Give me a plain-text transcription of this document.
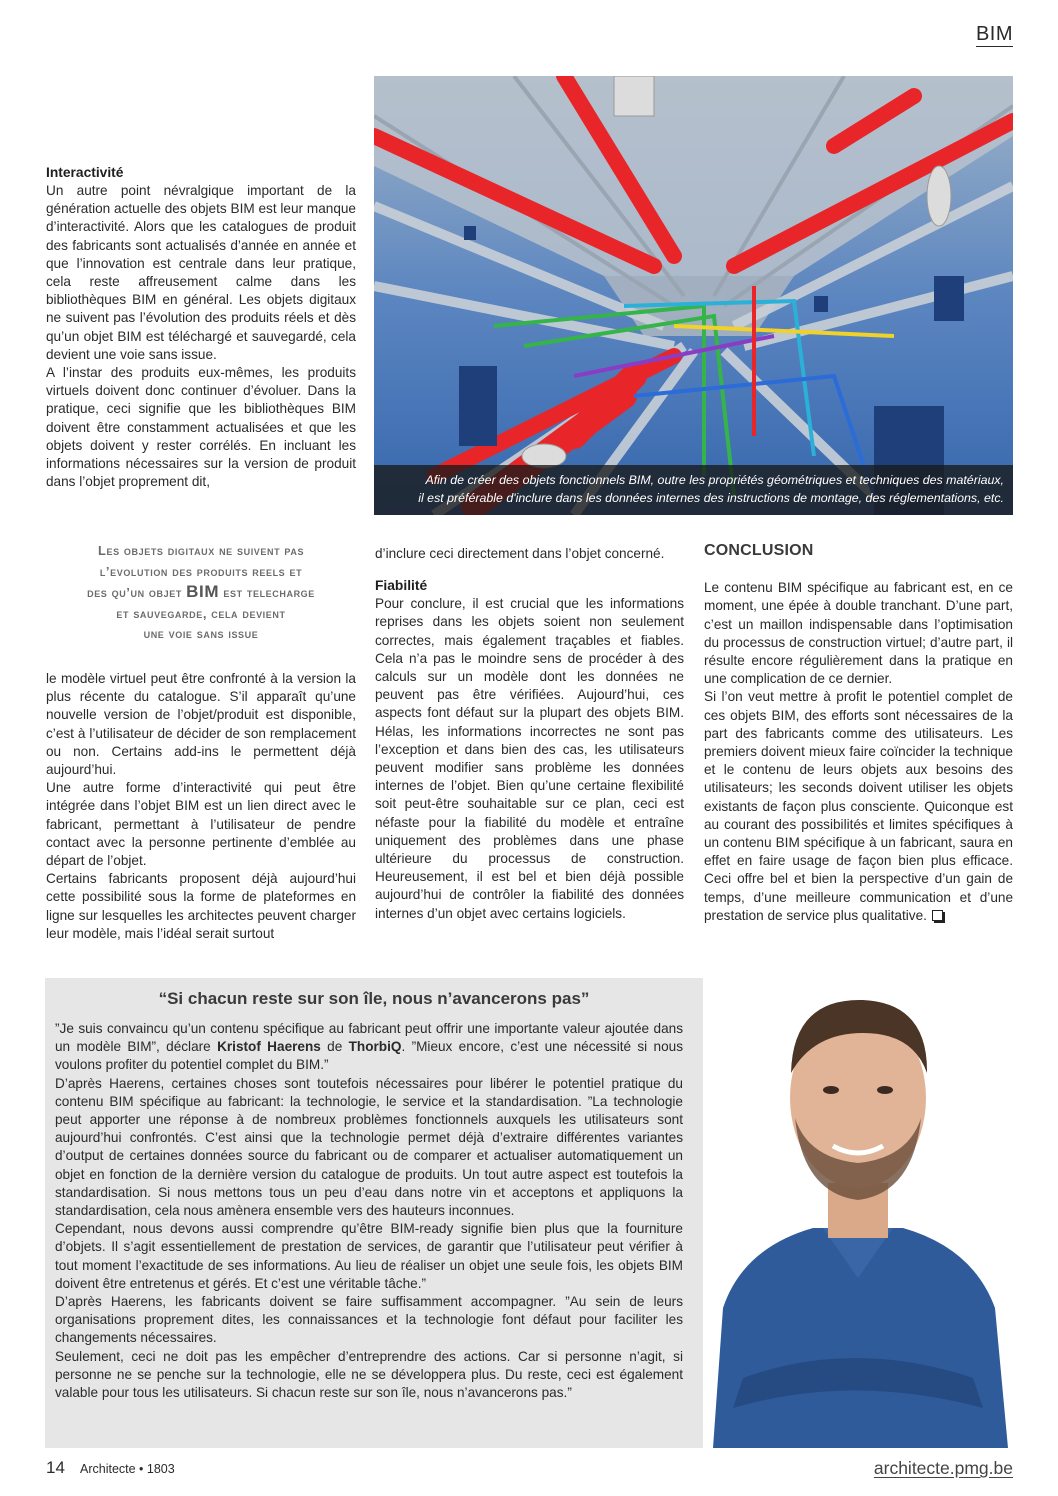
BIM
Afin de créer des objets fonctionnels BIM, outre les propriétés géométriques et techniques des matériaux,
il est préférable d'inclure dans les données internes des instructions de montage, des réglementations, etc.
Interactivité

Un autre point névralgique important de la génération actuelle des objets BIM est leur manque d’interactivité. Alors que les catalogues de produit des fabricants sont actualisés d’année en année et que l’innovation est centrale dans leur pratique, cela reste affreusement calme dans les bibliothèques BIM en général. Les objets digitaux ne suivent pas l’évolution des produits réels et dès qu’un objet BIM est téléchargé et sauvegardé, cela devient une voie sans issue.

A l’instar des produits eux-mêmes, les produits virtuels doivent donc continuer d’évoluer. Dans la pratique, ceci signifie que les bibliothèques BIM doivent être constamment actualisées et que les objets doivent y rester corrélés. En incluant les informations nécessaires sur la version de produit dans l’objet proprement dit,

Les objets digitaux ne suivent pas
l’evolution des produits reels et
des qu’un objet BIM est telecharge
et sauvegarde, cela devient
une voie sans issue

le modèle virtuel peut être confronté à la version la plus récente du catalogue. S’il apparaît qu’une nouvelle version de l’objet/produit est disponible, c’est à l’utilisateur de décider de son remplacement ou non. Certains add-ins le permettent déjà aujourd’hui.

Une autre forme d’interactivité qui peut être intégrée dans l’objet BIM est un lien direct avec le fabricant, permettant à l’utilisateur de pendre contact avec la personne pertinente d’emblée au départ de l’objet.

Certains fabricants proposent déjà aujourd’hui cette possibilité sous la forme de plateformes en ligne sur lesquelles les architectes peuvent charger leur modèle, mais l’idéal serait surtout

d’inclure ceci directement dans l’objet concerné.

Fiabilité

Pour conclure, il est crucial que les informations reprises dans les objets soient non seulement correctes, mais également traçables et fiables. Cela n’a pas le moindre sens de procéder à des calculs sur un modèle dont les données ne peuvent pas être vérifiées. Aujourd’hui, ces aspects font défaut sur la plupart des objets BIM. Hélas, les informations incorrectes ne sont pas l’exception et dans bien des cas, les utilisateurs peuvent modifier sans problème les données internes de l’objet. Bien qu’une certaine flexibilité soit peut-être souhaitable sur ce plan, ceci est néfaste pour la fiabilité du modèle et entraîne uniquement des problèmes dans une phase ultérieure du processus de construction. Heureusement, il est bel et bien déjà possible aujourd’hui de contrôler la fiabilité des données internes d’un objet avec certains logiciels.

CONCLUSION

Le contenu BIM spécifique au fabricant est, en ce moment, une épée à double tranchant. D’une part, c’est un maillon indispensable dans l’optimisation du processus de construction virtuel; d’autre part, il résulte encore régulièrement dans la pratique en une complication de ce dernier.

Si l’on veut mettre à profit le potentiel complet de ces objets BIM, des efforts sont nécessaires de la part des fabricants comme des utilisateurs. Les premiers doivent mieux faire coïncider la technique et le contenu de leurs objets aux besoins des utilisateurs; les seconds doivent utiliser les objets existants de façon plus consciente. Quiconque est au courant des possibilités et limites spécifiques à un contenu BIM spécifique à un fabricant, saura en effet en faire usage de façon bien plus efficace. Ceci offre bel et bien la perspective d’un gain de temps, d’une meilleure communication et d’une prestation de service plus qualitative.

“Si chacun reste sur son île, nous n’avancerons pas”

”Je suis convaincu qu’un contenu spécifique au fabricant peut offrir une importante valeur ajoutée dans un modèle BIM”, déclare Kristof Haerens de ThorbiQ. ”Mieux encore, c’est une nécessité si nous voulons profiter du potentiel complet du BIM.”

D’après Haerens, certaines choses sont toutefois nécessaires pour libérer le potentiel pratique du contenu BIM spécifique au fabricant: la technologie, le service et la standardisation. ”La technologie peut apporter une réponse à de nombreux problèmes fonctionnels auxquels les utilisateurs sont aujourd’hui confrontés. C’est ainsi que la technologie permet déjà d’extraire différentes variantes d’output de certaines données source du fabricant ou de comparer et actualiser automatiquement un objet en fonction de la dernière version du catalogue de produits. Un tout autre aspect est toutefois la standardisation. Si nous mettons tous un peu d’eau dans notre vin et acceptons et appliquons la standardisation, cela nous amènera ensemble vers des hauteurs inconnues.

Cependant, nous devons aussi comprendre qu’être BIM-ready signifie bien plus que la fourniture d’objets. Il s’agit essentiellement de prestation de services, de garantir que l’utilisateur peut vérifier à tout moment l’exactitude de ses informations. Au lieu de réaliser un objet une seule fois, les objets BIM doivent être entretenus et gérés. Et c’est une véritable tâche.”

D’après Haerens, les fabricants doivent se faire suffisamment accompagner. ”Au sein de leurs organisations proprement dites, les connaissances et la technologie font défaut pour faciliter les changements nécessaires.

Seulement, ceci ne doit pas les empêcher d’entreprendre des actions. Car si personne n’agit, si personne ne se penche sur la technologie, elle ne se développera plus. Du reste, ceci est également valable pour tous les utilisateurs. Si chacun reste sur son île, nous n’avancerons pas.”

14 Architecte • 1803	architecte.pmg.be
